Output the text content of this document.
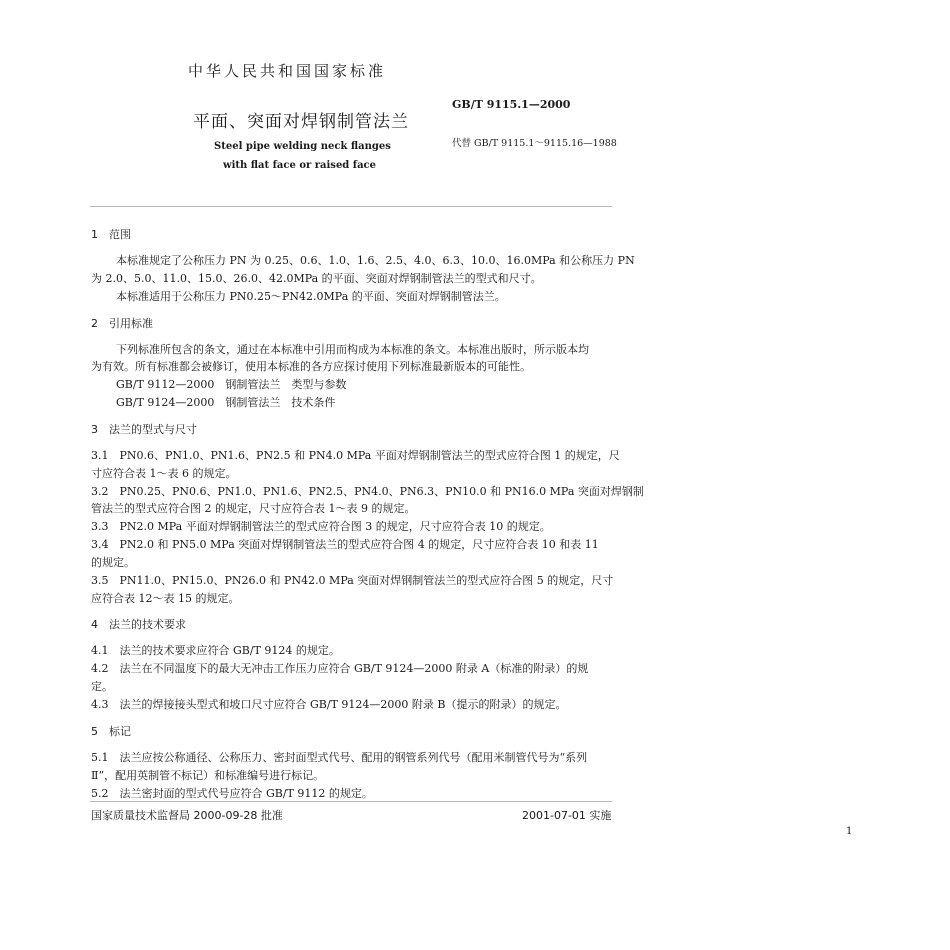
中华人民共和国国家标准
平面、突面对焊钢制管法兰
Steel pipe welding neck flanges
with flat face or raised face
GB/T 9115.1—2000
代替 GB/T 9115.1～9115.16—1988
1 范围
本标准规定了公称压力 PN 为 0.25、0.6、1.0、1.6、2.5、4.0、6.3、10.0、16.0MPa 和公称压力 PN
为 2.0、5.0、11.0、15.0、26.0、42.0MPa 的平面、突面对焊钢制管法兰的型式和尺寸。
本标准适用于公称压力 PN0.25～PN42.0MPa 的平面、突面对焊钢制管法兰。
2 引用标准
下列标准所包含的条文，通过在本标准中引用而构成为本标准的条文。本标准出版时，所示版本均
为有效。所有标准都会被修订，使用本标准的各方应探讨使用下列标准最新版本的可能性。
GB/T 9112—2000　钢制管法兰　类型与参数
GB/T 9124—2000　钢制管法兰　技术条件
3 法兰的型式与尺寸
3.1　PN0.6、PN1.0、PN1.6、PN2.5 和 PN4.0 MPa 平面对焊钢制管法兰的型式应符合图 1 的规定，尺
寸应符合表 1～表 6 的规定。
3.2　PN0.25、PN0.6、PN1.0、PN1.6、PN2.5、PN4.0、PN6.3、PN10.0 和 PN16.0 MPa 突面对焊钢制
管法兰的型式应符合图 2 的规定，尺寸应符合表 1～表 9 的规定。
3.3　PN2.0 MPa 平面对焊钢制管法兰的型式应符合图 3 的规定，尺寸应符合表 10 的规定。
3.4　PN2.0 和 PN5.0 MPa 突面对焊钢制管法兰的型式应符合图 4 的规定，尺寸应符合表 10 和表 11
的规定。
3.5　PN11.0、PN15.0、PN26.0 和 PN42.0 MPa 突面对焊钢制管法兰的型式应符合图 5 的规定，尺寸
应符合表 12～表 15 的规定。
4 法兰的技术要求
4.1　法兰的技术要求应符合 GB/T 9124 的规定。
4.2　法兰在不同温度下的最大无冲击工作压力应符合 GB/T 9124—2000 附录 A（标准的附录）的规
定。
4.3　法兰的焊接接头型式和坡口尺寸应符合 GB/T 9124—2000 附录 B（提示的附录）的规定。
5 标记
5.1　法兰应按公称通径、公称压力、密封面型式代号、配用的钢管系列代号（配用米制管代号为“系列
Ⅱ”，配用英制管不标记）和标准编号进行标记。
5.2　法兰密封面的型式代号应符合 GB/T 9112 的规定。
国家质量技术监督局 2000-09-28 批准	2001-07-01 实施
1
